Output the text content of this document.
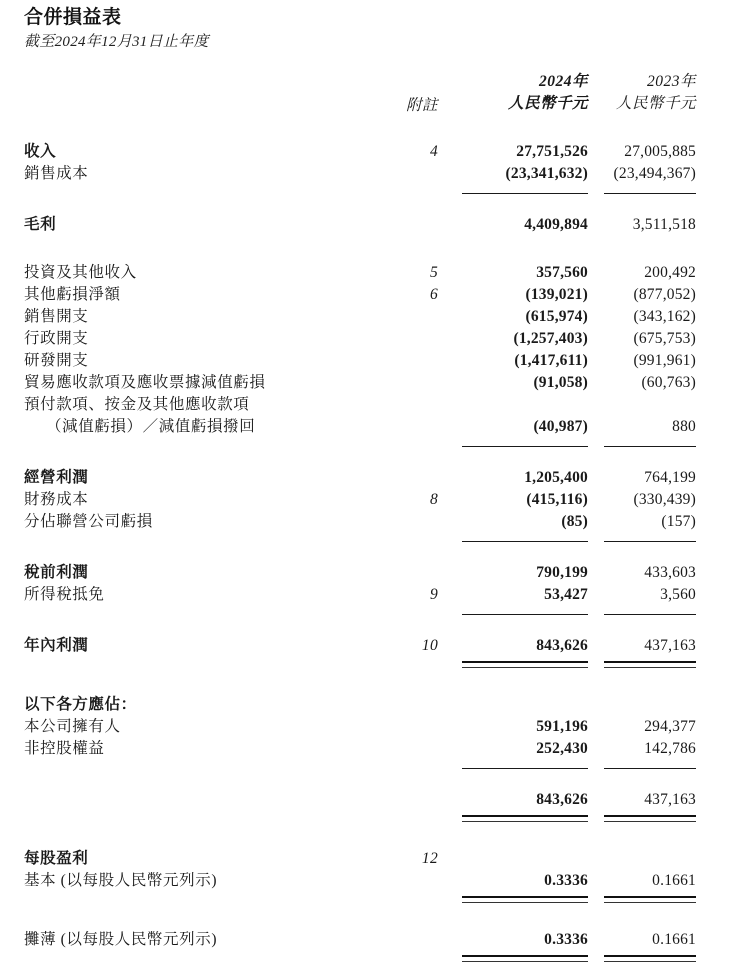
合併損益表
截至2024年12月31日止年度
		2024年	2023年
	附註	人民幣千元	人民幣千元

收入	4	27,751,526	27,005,885
銷售成本		(23,341,632)	(23,494,367)

毛利		4,409,894	3,511,518

投資及其他收入	5	357,560	200,492
其他虧損淨額	6	(139,021)	(877,052)
銷售開支		(615,974)	(343,162)
行政開支		(1,257,403)	(675,753)
研發開支		(1,417,611)	(991,961)
貿易應收款項及應收票據減值虧損		(91,058)	(60,763)
預付款項、按金及其他應收款項			
（減值虧損）／減值虧損撥回		(40,987)	880

經營利潤		1,205,400	764,199
財務成本	8	(415,116)	(330,439)
分佔聯營公司虧損		(85)	(157)

稅前利潤		790,199	433,603
所得稅抵免	9	53,427	3,560

年內利潤	10	843,626	437,163

以下各方應佔：			
本公司擁有人		591,196	294,377
非控股權益		252,430	142,786

		843,626	437,163

每股盈利	12		
基本 (以每股人民幣元列示)		0.3336	0.1661

攤薄 (以每股人民幣元列示)		0.3336	0.1661
